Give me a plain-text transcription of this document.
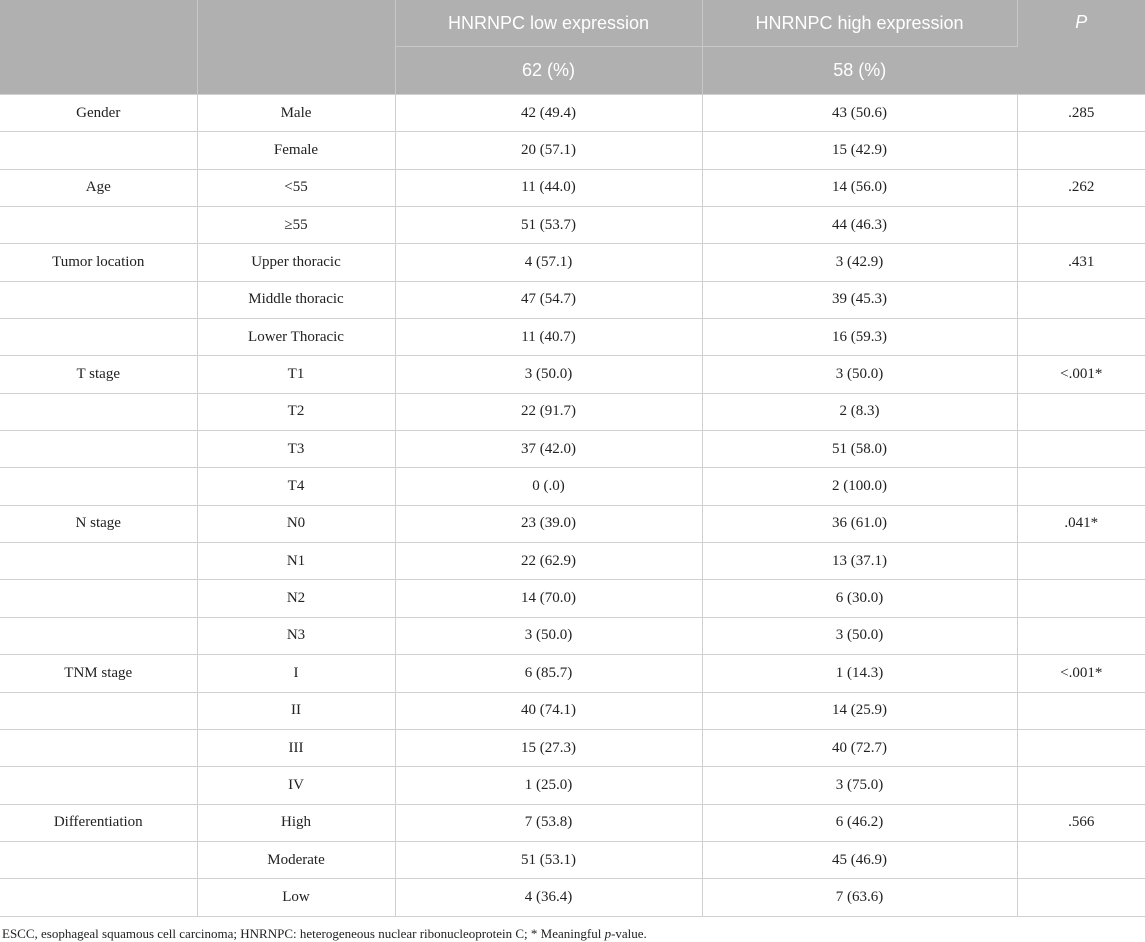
		HNRNPC low expression	HNRNPC high expression	P
		62 (%)	58 (%)	
Gender	Male	42 (49.4)	43 (50.6)	.285
	Female	20 (57.1)	15 (42.9)	
Age	<55	11 (44.0)	14 (56.0)	.262
	≥55	51 (53.7)	44 (46.3)	
Tumor location	Upper thoracic	4 (57.1)	3 (42.9)	.431
	Middle thoracic	47 (54.7)	39 (45.3)	
	Lower Thoracic	11 (40.7)	16 (59.3)	
T stage	T1	3 (50.0)	3 (50.0)	<.001*
	T2	22 (91.7)	2 (8.3)	
	T3	37 (42.0)	51 (58.0)	
	T4	0 (.0)	2 (100.0)	
N stage	N0	23 (39.0)	36 (61.0)	.041*
	N1	22 (62.9)	13 (37.1)	
	N2	14 (70.0)	6 (30.0)	
	N3	3 (50.0)	3 (50.0)	
TNM stage	I	6 (85.7)	1 (14.3)	<.001*
	II	40 (74.1)	14 (25.9)	
	III	15 (27.3)	40 (72.7)	
	IV	1 (25.0)	3 (75.0)	
Differentiation	High	7 (53.8)	6 (46.2)	.566
	Moderate	51 (53.1)	45 (46.9)	
	Low	4 (36.4)	7 (63.6)	
ESCC, esophageal squamous cell carcinoma; HNRNPC: heterogeneous nuclear ribonucleoprotein C; * Meaningful p-value.
